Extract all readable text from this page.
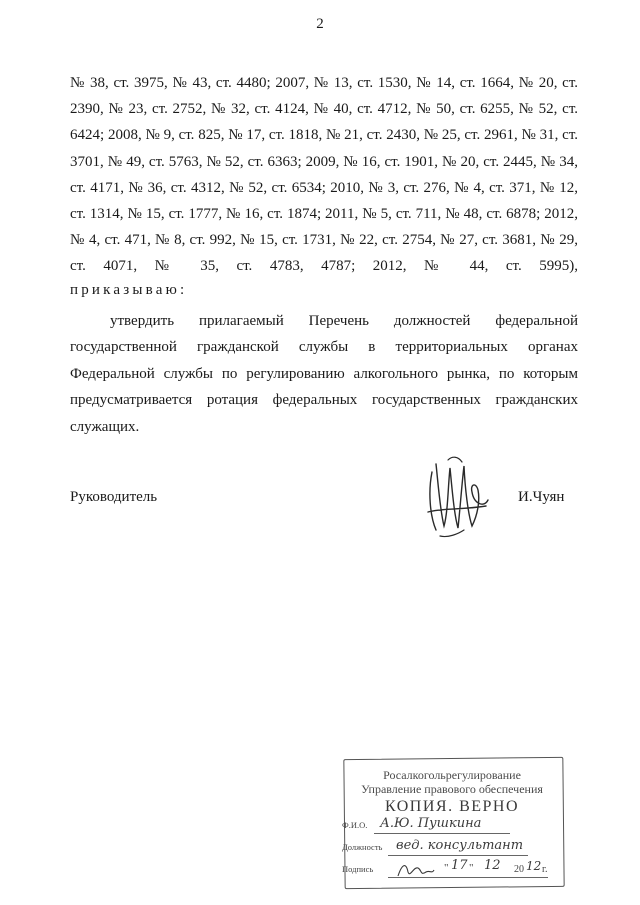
2

№ 38, ст. 3975, № 43, ст. 4480; 2007, № 13, ст. 1530, № 14, ст. 1664, № 20, ст. 2390, № 23, ст. 2752, № 32, ст. 4124, № 40, ст. 4712, № 50, ст. 6255, № 52, ст. 6424; 2008, № 9, ст. 825, № 17, ст. 1818, № 21, ст. 2430, № 25, ст. 2961, № 31, ст. 3701, № 49, ст. 5763, № 52, ст. 6363; 2009, № 16, ст. 1901, № 20, ст. 2445, № 34, ст. 4171, № 36, ст. 4312, № 52, ст. 6534; 2010, № 3, ст. 276, № 4, ст. 371, № 12, ст. 1314, № 15, ст. 1777, № 16, ст. 1874; 2011, № 5, ст. 711, № 48, ст. 6878; 2012, № 4, ст. 471, № 8, ст. 992, № 15, ст. 1731, № 22, ст. 2754, № 27, ст. 3681, № 29, ст. 4071, № 35, ст. 4783, 4787; 2012, № 44, ст. 5995),

приказываю:

утвердить прилагаемый Перечень должностей федеральной государственной гражданской службы в территориальных органах Федеральной службы по регулированию алкогольного рынка, по которым предусматривается ротация федеральных государственных гражданских служащих.

Руководитель	И.Чуян
Росалкогольрегулирование
Управление правового обеспечения
КОПИЯ. ВЕРНО
Ф.И.О. А.Ю. Пушкина
Должность вед. консультант
Подпись	" 17 " 12 20 12 г.
